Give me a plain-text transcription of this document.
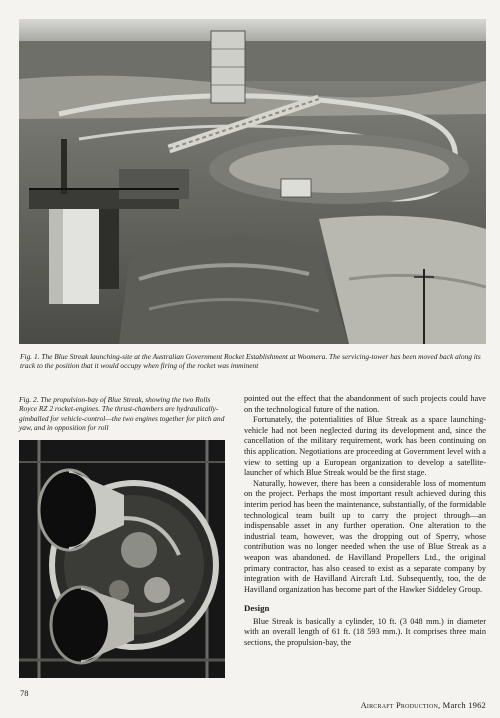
Fig. 1. The Blue Streak launching-site at the Australian Government Rocket Establishment at Woomera. The servicing-tower has been moved back along its track to the position that it would occupy when firing of the rocket was imminent
Fig. 2. The propulsion-bay of Blue Streak, showing the two Rolls Royce RZ 2 rocket-engines. The thrust-chambers are hydraulically-gimballed for vehicle-control—the two engines together for pitch and yaw, and in opposition for roll

pointed out the effect that the abandonment of such projects could have on the technological future of the nation.

Fortunately, the potentialities of Blue Streak as a space launching-vehicle had not been neglected during its development and, since the cancellation of the military requirement, work has been continuing on this application. Negotiations are proceeding at Government level with a view to setting up a European organization to develop a satellite-launcher of which Blue Streak would be the first stage.

Naturally, however, there has been a considerable loss of momentum on the project. Perhaps the most important result achieved during this interim period has been the maintenance, substantially, of the formidable technological team built up to carry the project through—an indispensable asset in any further operation. One alteration to the industrial team, however, was the dropping out of Sperry, whose contribution was no longer needed when the use of Blue Streak as a weapon was abandoned. de Havilland Propellers Ltd., the original primary contractor, has also ceased to exist as a separate company by integration with de Havilland Aircraft Ltd. Subsequently, too, the de Havilland organization has become part of the Hawker Siddeley Group.

Design

Blue Streak is basically a cylinder, 10 ft. (3 048 mm.) in diameter with an overall length of 61 ft. (18 593 mm.). It comprises three main sections, the propulsion-bay, the

78
Aircraft Production, March 1962
